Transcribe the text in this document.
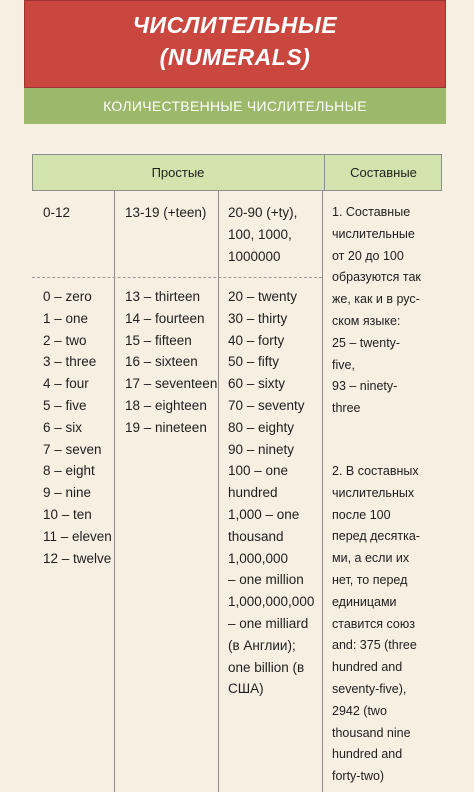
ЧИСЛИТЕЛЬНЫЕ
(NUMERALS)
КОЛИЧЕСТВЕННЫЕ ЧИСЛИТЕЛЬНЫЕ
Простые	Составные
0-12	13-19 (+teen) 20-90 (+ty),
100, 1000,
1000000
0 – zero
1 – one
2 – two
3 – three
4 – four
5 – five
6 – six
7 – seven
8 – eight
9 – nine
10 – ten
11 – eleven
12 – twelve
13 – thirteen
14 – fourteen
15 – fifteen
16 – sixteen
17 – seventeen
18 – eighteen
19 – nineteen
20 – twenty
30 – thirty
40 – forty
50 – fifty
60 – sixty
70 – seventy
80 – eighty
90 – ninety
100 – one
hundred
1,000 – one
thousand
1,000,000
– one million
1,000,000,000
– one milliard
(в Англии);
one billion (в
США)
1. Составные
числительные
от 20 до 100
образуются так
же, как и в рус-
ском языке:
25 – twenty-
five,
93 – ninety-
three
2. В составных
числительных
после 100
перед десятка-
ми, а если их
нет, то перед
единицами
ставится союз
and: 375 (three
hundred and
seventy-five),
2942 (two
thousand nine
hundred and
forty-two)
